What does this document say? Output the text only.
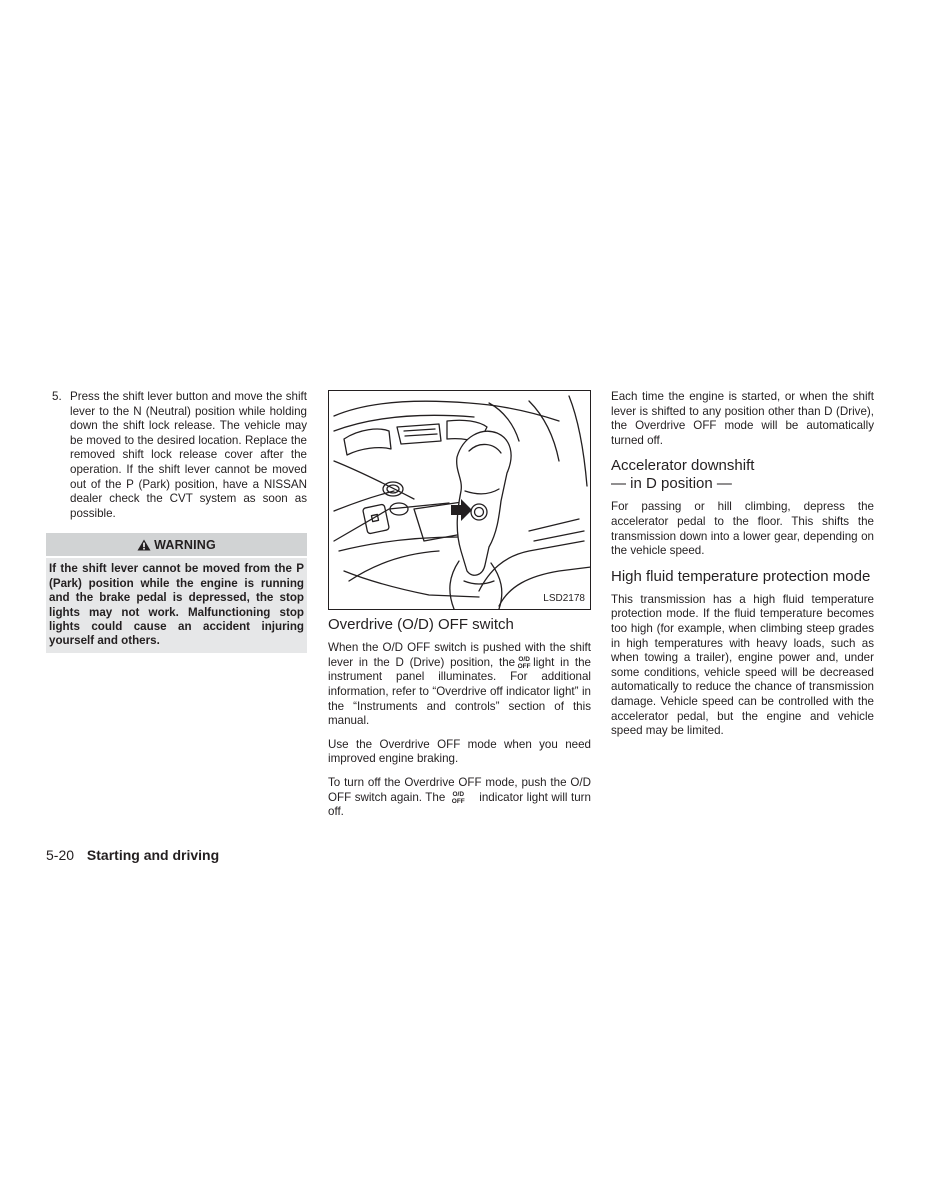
5. Press the shift lever button and move the shift lever to the N (Neutral) position while holding down the shift lock release. The vehicle may be moved to the desired location. Replace the removed shift lock release cover after the operation. If the shift lever cannot be moved out of the P (Park) position, have a NISSAN dealer check the CVT system as soon as possible.
WARNING
If the shift lever cannot be moved from the P (Park) position while the engine is running and the brake pedal is depressed, the stop lights may not work. Malfunctioning stop lights could cause an accident injuring yourself and others.
LSD2178
Overdrive (O/D) OFF switch

When the O/D OFF switch is pushed with the shift lever in the D (Drive) position, the O/D
OFF light in the instrument panel illuminates. For additional information, refer to “Overdrive off indicator light” in the “Instruments and controls” section of this manual.

Use the Overdrive OFF mode when you need improved engine braking.

To turn off the Overdrive OFF mode, push the O/D OFF switch again. The O/D
OFF indicator light will turn off.

Each time the engine is started, or when the shift lever is shifted to any position other than D (Drive), the Overdrive OFF mode will be automatically turned off.

Accelerator downshift
— in D position —

For passing or hill climbing, depress the accelerator pedal to the floor. This shifts the transmission down into a lower gear, depending on the vehicle speed.

High fluid temperature protection mode

This transmission has a high fluid temperature protection mode. If the fluid temperature becomes too high (for example, when climbing steep grades in high temperatures with heavy loads, such as when towing a trailer), engine power and, under some conditions, vehicle speed will be decreased automatically to reduce the chance of transmission damage. Vehicle speed can be controlled with the accelerator pedal, but the engine and vehicle speed may be limited.

5-20 Starting and driving
